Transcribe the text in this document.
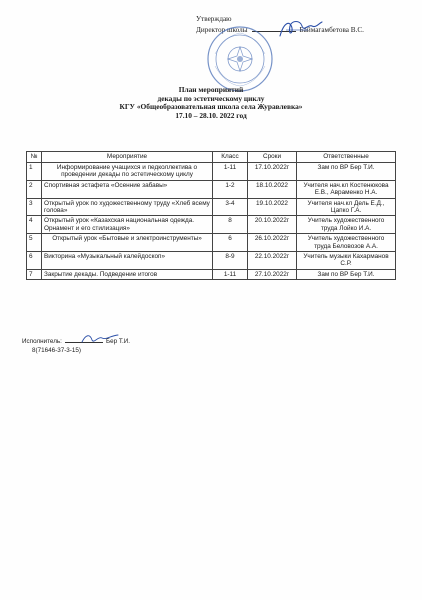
Утверждаю
Директор школы	Баймагамбетова В.С.
План мероприятий
декады по эстетическому циклу
КГУ «Общеобразовательная школа села Журавлевка»
17.10 – 28.10. 2022 год
№	Мероприятие	Класс	Сроки	Ответственные
1	Информирование учащихся и педколлектива о проведении декады по эстетическому циклу	1-11	17.10.2022г	Зам по ВР Бер Т.И.
2	Спортивная эстафета «Осенние забавы»	1-2	18.10.2022	Учителя нач.кл Костенюкова Е.В., Авраменко Н.А.
3	Открытый урок по художественному труду «Хлеб всему голова»	3-4	19.10.2022	Учителя нач.кл Дель Е.Д., Цапко Г.А.
4	Открытый урок «Казахская национальная одежда. Орнамент и его стилизация»	8	20.10.2022г	Учитель художественного труда Лойко И.А.
5	Открытый урок «Бытовые и электроинструменты»	6	26.10.2022г	Учитель художественного труда Беловозов А.А.
6	Викторина «Музыкальный калейдоскоп»	8-9	22.10.2022г	Учитель музыки Кахарманов С.Р.
7	Закрытие декады. Подведение итогов	1-11	27.10.2022г	Зам по ВР Бер Т.И.
Исполнитель:	Бер Т.И.
8(71646-37-3-15)
